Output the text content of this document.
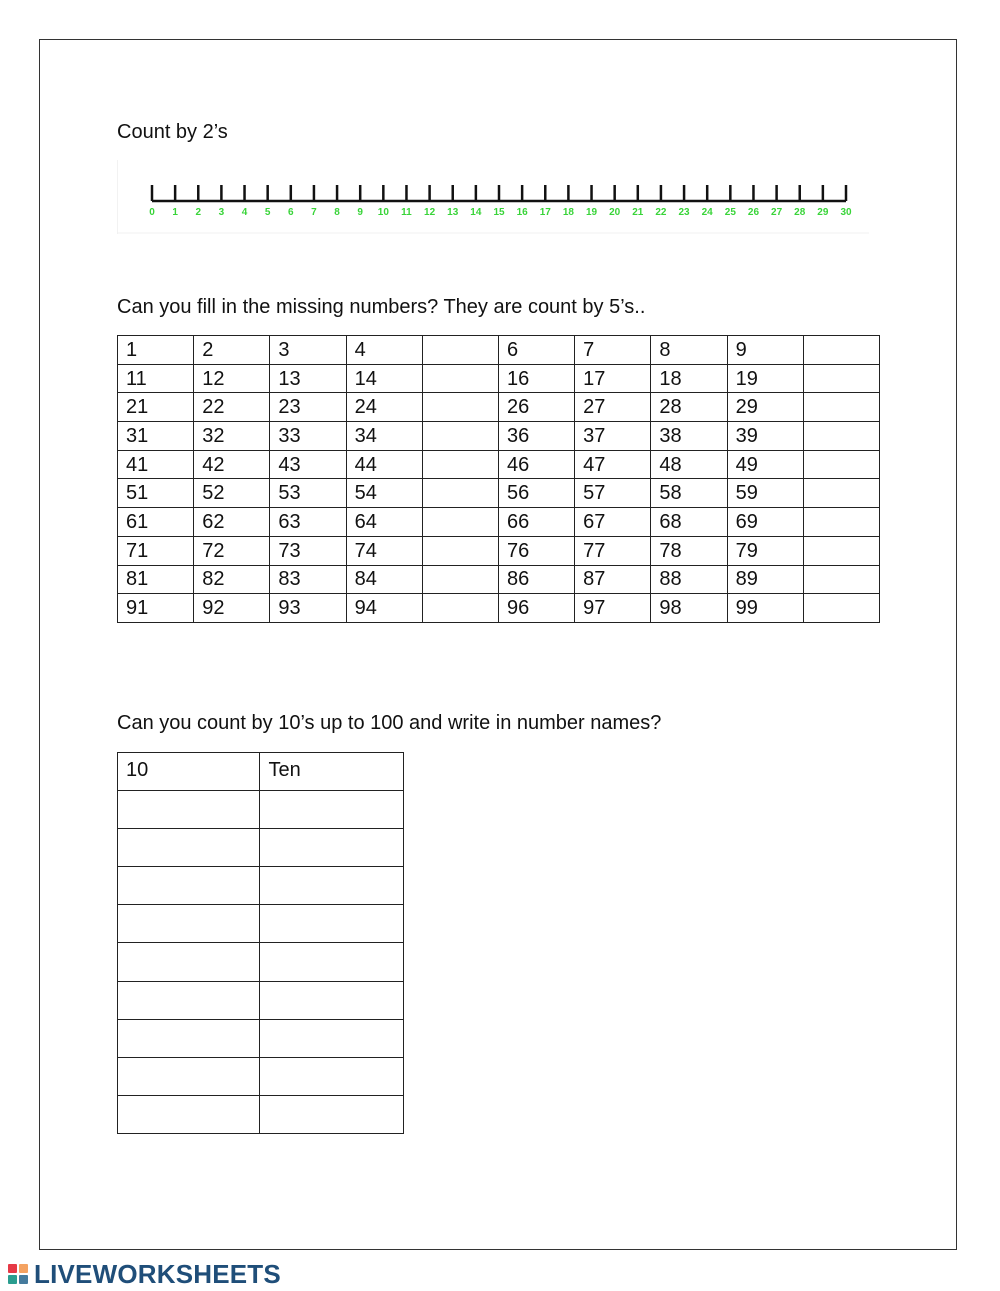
Count by 2’s
0 1 2 3 4 5 6 7 8 9 10 11 12 13 14 15 16 17 18 19 20 21 22 23 24 25 26 27 28 29 30
Can you fill in the missing numbers? They are count by 5’s..
1	2	3	4		6	7	8	9	
11	12	13	14		16	17	18	19	
21	22	23	24		26	27	28	29	
31	32	33	34		36	37	38	39	
41	42	43	44		46	47	48	49	
51	52	53	54		56	57	58	59	
61	62	63	64		66	67	68	69	
71	72	73	74		76	77	78	79	
81	82	83	84		86	87	88	89	
91	92	93	94		96	97	98	99	
Can you count by 10’s up to 100 and write in number names?
10	Ten

LIVEWORKSHEETS
